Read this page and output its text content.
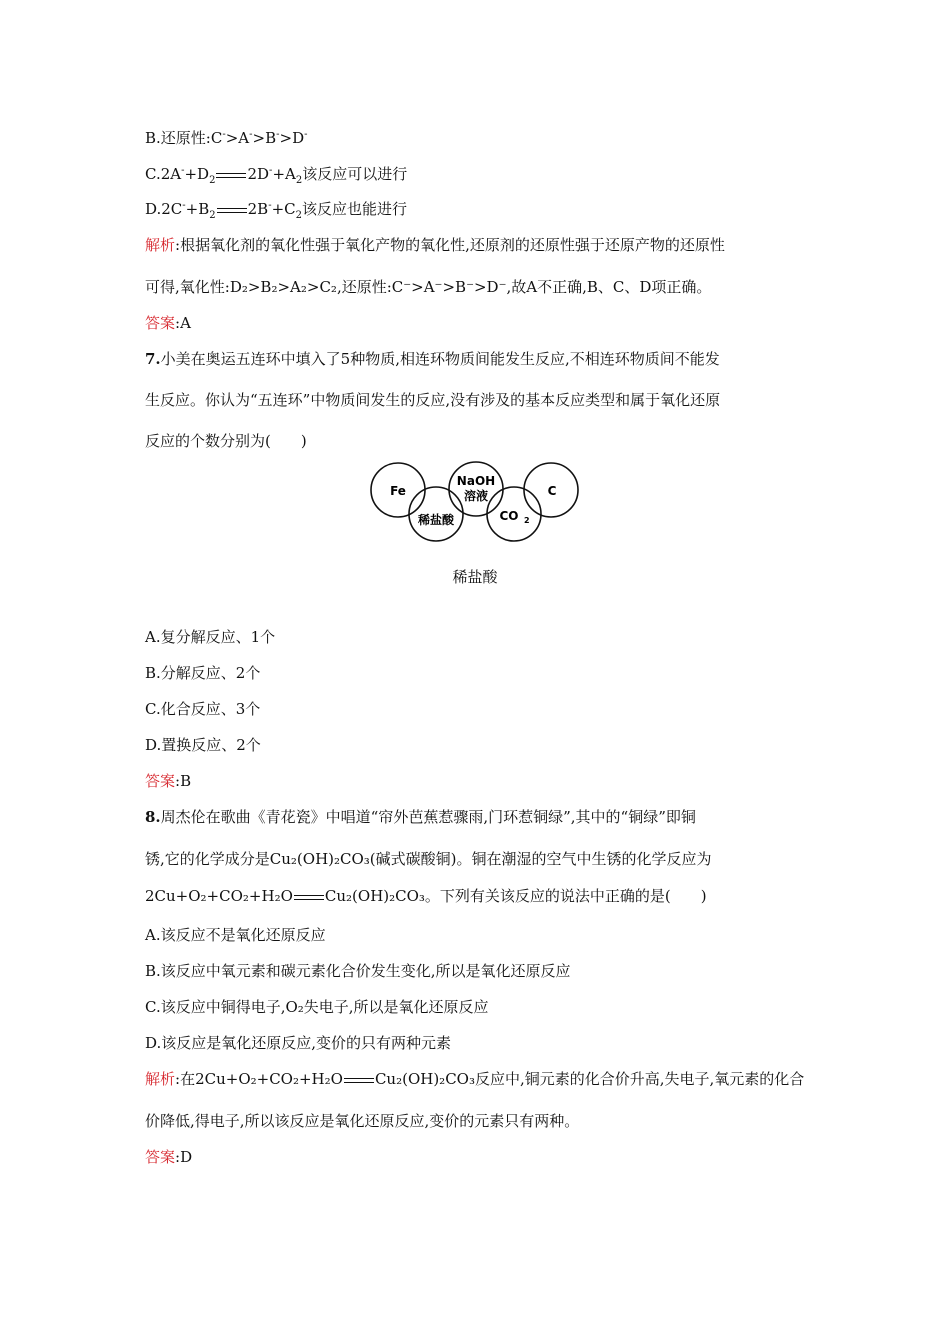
B.还原性:C->A->B->D-
$C.2A^-+D_2$ $2D^-+A_2$该反应可以进行
$D.2C^-+B_2$ $2B^-+C_2$该反应也能进行
解析:根据氧化剂的氧化性强于氧化产物的氧化性,还原剂的还原性强于还原产物的还原性
可得,氧化性:D₂>B₂>A₂>C₂,还原性:C⁻>A⁻>B⁻>D⁻,故A不正确,B、C、D项正确。
答案:A
7.小美在奥运五连环中填入了5种物质,相连环物质间能发生反应,不相连环物质间不能发
生反应。你认为“五连环”中物质间发生的反应,没有涉及的基本反应类型和属于氧化还原
反应的个数分别为(　　)
Fe
稀盐酸
NaOH
溶液
CO 2
C
稀盐酸
A.复分解反应、1个
B.分解反应、2个
C.化合反应、3个
D.置换反应、2个
答案:B
8.周杰伦在歌曲《青花瓷》中唱道“帘外芭蕉惹骤雨,门环惹铜绿”,其中的“铜绿”即铜
锈,它的化学成分是Cu₂(OH)₂CO₃(碱式碳酸铜)。铜在潮湿的空气中生锈的化学反应为
2Cu+O₂+CO₂+H₂O Cu₂(OH)₂CO₃。下列有关该反应的说法中正确的是(　　)
A.该反应不是氧化还原反应
B.该反应中氧元素和碳元素化合价发生变化,所以是氧化还原反应
C.该反应中铜得电子,O₂失电子,所以是氧化还原反应
D.该反应是氧化还原反应,变价的只有两种元素
解析:在2Cu+O₂+CO₂+H₂O Cu₂(OH)₂CO₃反应中,铜元素的化合价升高,失电子,氧元素的化合
价降低,得电子,所以该反应是氧化还原反应,变价的元素只有两种。
答案:D
